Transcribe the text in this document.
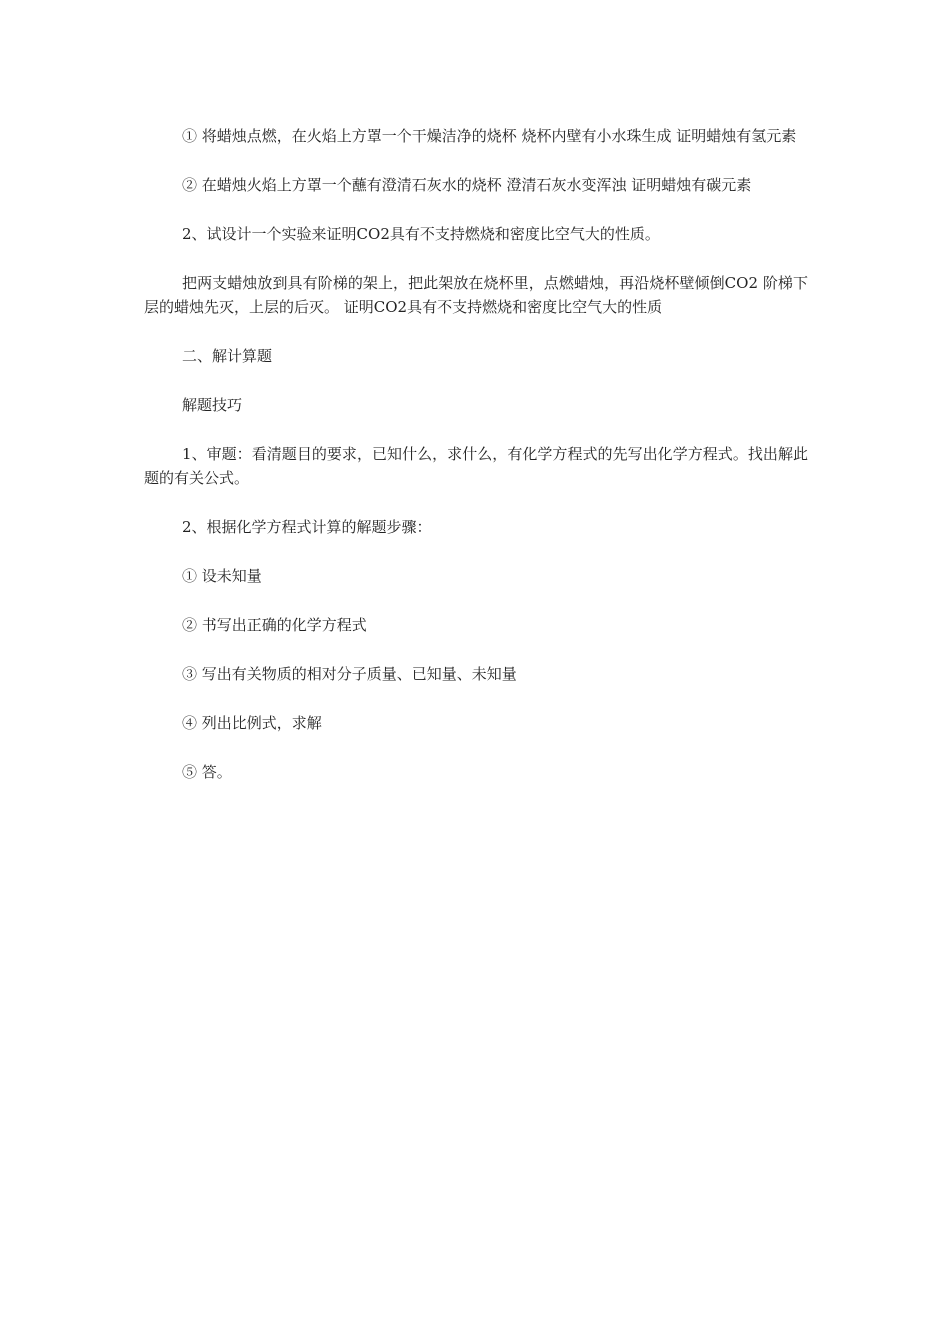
① 将蜡烛点燃，在火焰上方罩一个干燥洁净的烧杯 烧杯内壁有小水珠生成 证明蜡烛有氢元素

② 在蜡烛火焰上方罩一个蘸有澄清石灰水的烧杯 澄清石灰水变浑浊 证明蜡烛有碳元素

2、试设计一个实验来证明CO2具有不支持燃烧和密度比空气大的性质。

把两支蜡烛放到具有阶梯的架上，把此架放在烧杯里，点燃蜡烛，再沿烧杯壁倾倒CO2 阶梯下层的蜡烛先灭，上层的后灭。 证明CO2具有不支持燃烧和密度比空气大的性质

二、解计算题

解题技巧

1、审题：看清题目的要求，已知什么，求什么，有化学方程式的先写出化学方程式。找出解此题的有关公式。

2、根据化学方程式计算的解题步骤：

① 设未知量

② 书写出正确的化学方程式

③ 写出有关物质的相对分子质量、已知量、未知量

④ 列出比例式，求解

⑤ 答。
